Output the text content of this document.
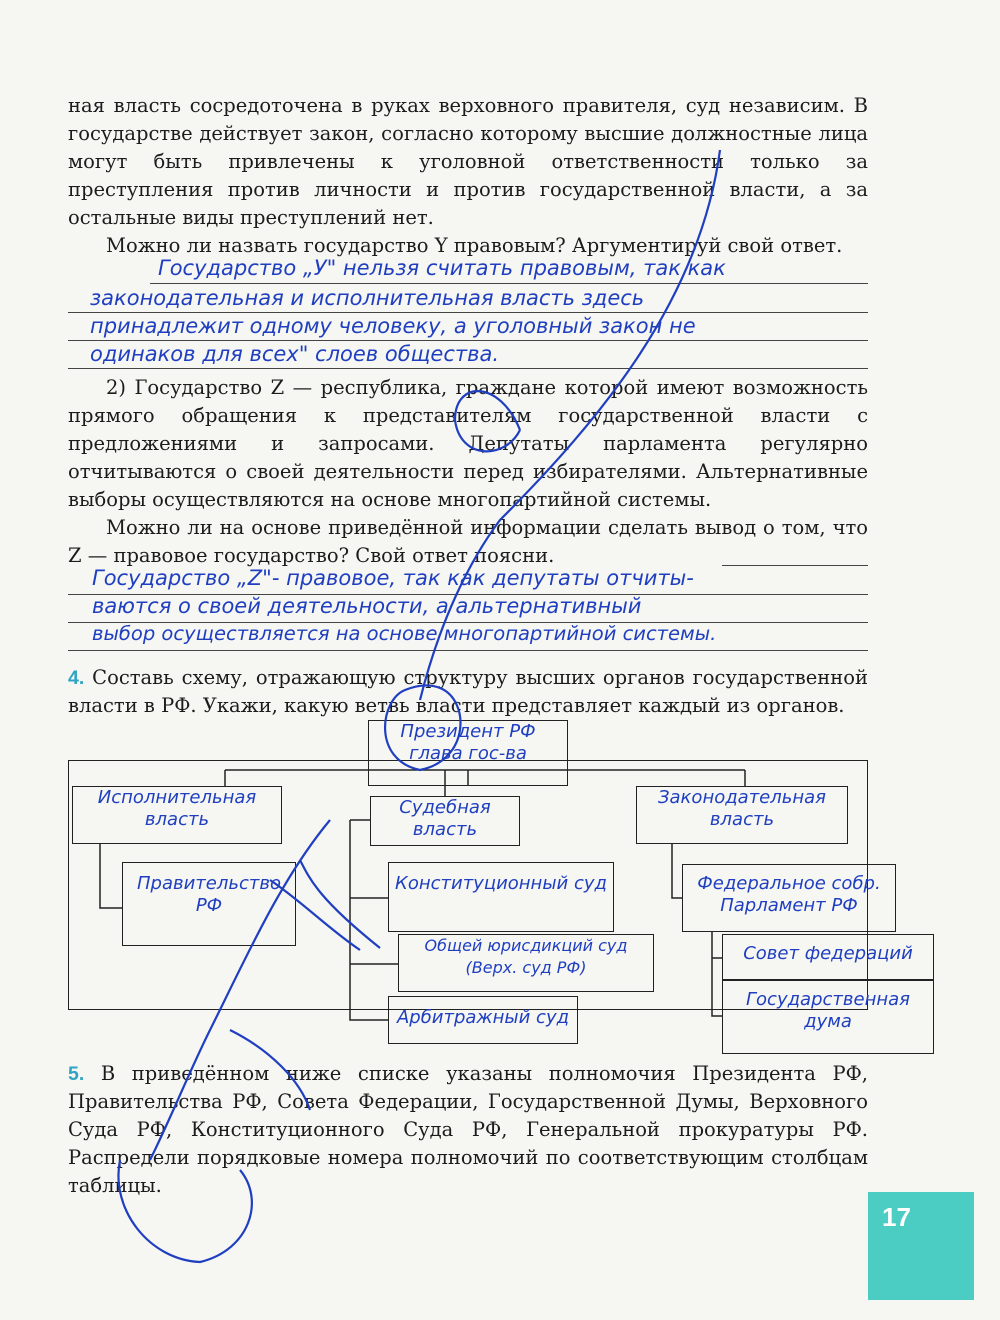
ная власть сосредоточена в руках верховного правителя, суд независим. В государстве действует закон, согласно которому высшие должностные лица могут быть привлечены к уголовной ответственности только за преступления против личности и против государственной власти, а за остальные виды преступлений нет.
Можно ли назвать государство Y правовым? Аргументируй свой ответ.
Государство „У" нельзя считать правовым, так как
законодательная и исполнительная власть здесь
принадлежит одному человеку, а уголовный закон не
одинаков для всех" слоев общества.
2) Государство Z — республика, граждане которой имеют возможность прямого обращения к представителям государственной власти с предложениями и запросами. Депутаты парламента регулярно отчитываются о своей деятельности перед избирателями. Альтернативные выборы осуществляются на основе многопартийной системы.
Можно ли на основе приведённой информации сделать вывод о том, что Z — правовое государство? Свой ответ поясни.
Государство „Z"- правовое, так как депутаты отчиты-
ваются о своей деятельности, а альтернативный
выбор осуществляется на основе многопартийной системы.
4. Составь схему, отражающую структуру высших органов государственной власти в РФ. Укажи, какую ветвь власти представляет каждый из органов.
Президент РФ
глава гос-ва
Исполнительная власть
Судебная власть
Законодательная власть
Правительство РФ
Конституционный суд
Общей юрисдикций суд (Верх. суд РФ)
Арбитражный суд
Федеральное собр. Парламент РФ
Совет федераций
Государственная дума
5. В приведённом ниже списке указаны полномочия Президента РФ, Правительства РФ, Совета Федерации, Государственной Думы, Верховного Суда РФ, Конституционного Суда РФ, Генеральной прокуратуры РФ. Распредели порядковые номера полномочий по соответствующим столбцам таблицы.
17
